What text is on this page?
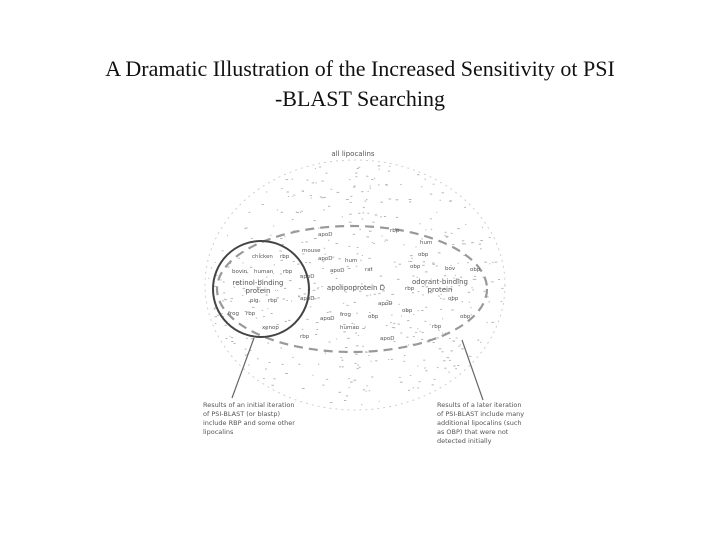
A Dramatic Illustration of the Increased Sensitivity ot PSI
-BLAST Searching
all lipocalins
retinol-binding
protein	apolipoprotein D
odorant-binding
protein
chicken rbp
bovin human rbp
pig rbp
frog rbp
xenop
apoD hum
apoD	rat
obp
mouse
apoD
obp	bov	obp
rbp
apoD
obp
apoD
frog	obp
human	rbp
apoD
hum
apoD
rbp
obp
rbp	apoD
obp
Results of an initial iteration
of PSI-BLAST (or blastp)
include RBP and some other
lipocalins
Results of a later iteration
of PSI-BLAST include many
additional lipocalins (such
as OBP) that were not
detected initially
